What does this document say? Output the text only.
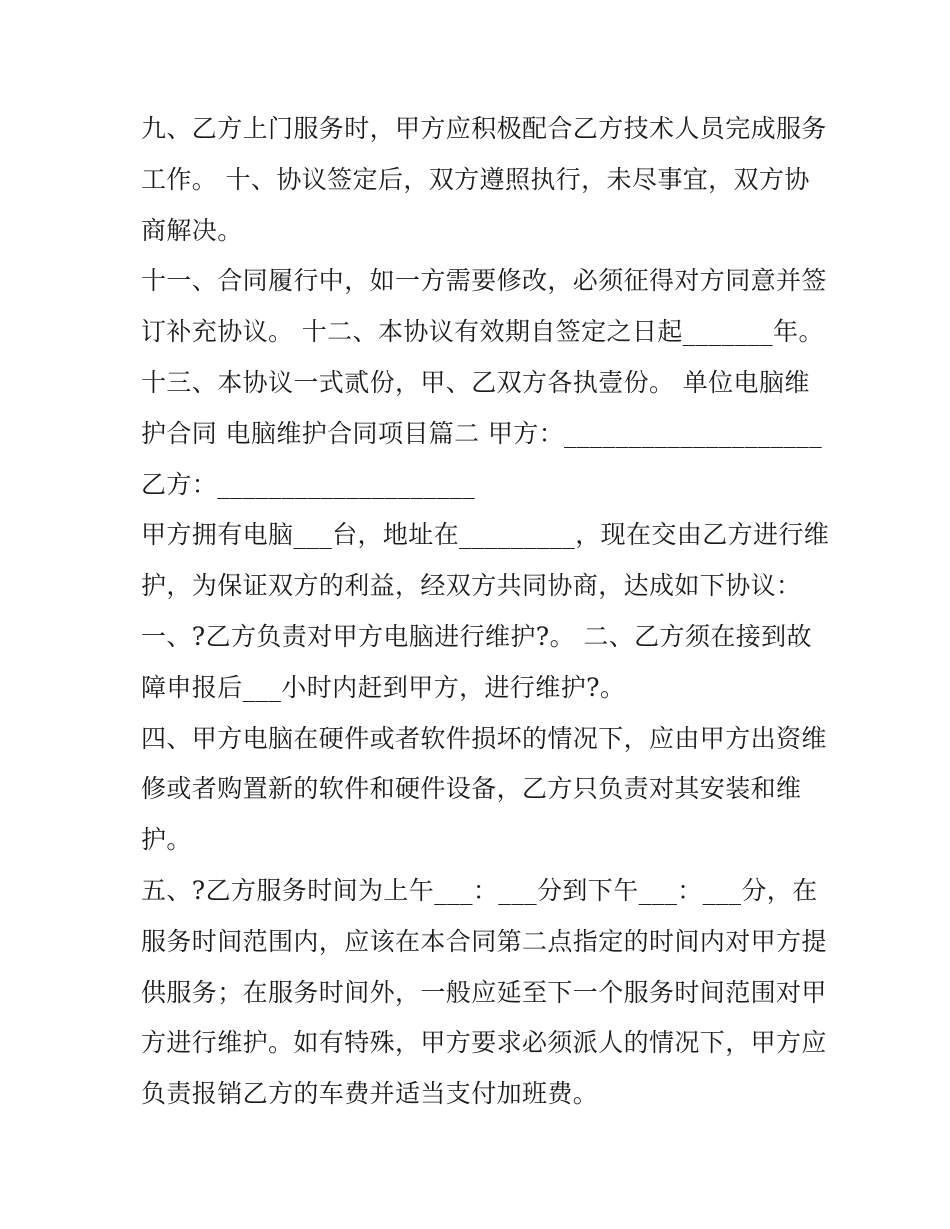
九、乙方上门服务时，甲方应积极配合乙方技术人员完成服务
工作。 十、协议签定后，双方遵照执行，未尽事宜，双方协
商解决。
十一、合同履行中，如一方需要修改，必须征得对方同意并签
订补充协议。 十二、本协议有效期自签定之日起_______年。
十三、本协议一式贰份，甲、乙双方各执壹份。 单位电脑维
护合同 电脑维护合同项目篇二 甲方：____________________
乙方：____________________
甲方拥有电脑___台，地址在_________，现在交由乙方进行维
护，为保证双方的利益，经双方共同协商，达成如下协议：
一、?乙方负责对甲方电脑进行维护?。 二、乙方须在接到故
障申报后___小时内赶到甲方，进行维护?。
四、甲方电脑在硬件或者软件损坏的情况下，应由甲方出资维
修或者购置新的软件和硬件设备，乙方只负责对其安装和维
护。
五、?乙方服务时间为上午___：___分到下午___：___分，在
服务时间范围内，应该在本合同第二点指定的时间内对甲方提
供服务；在服务时间外，一般应延至下一个服务时间范围对甲
方进行维护。如有特殊，甲方要求必须派人的情况下，甲方应
负责报销乙方的车费并适当支付加班费。
